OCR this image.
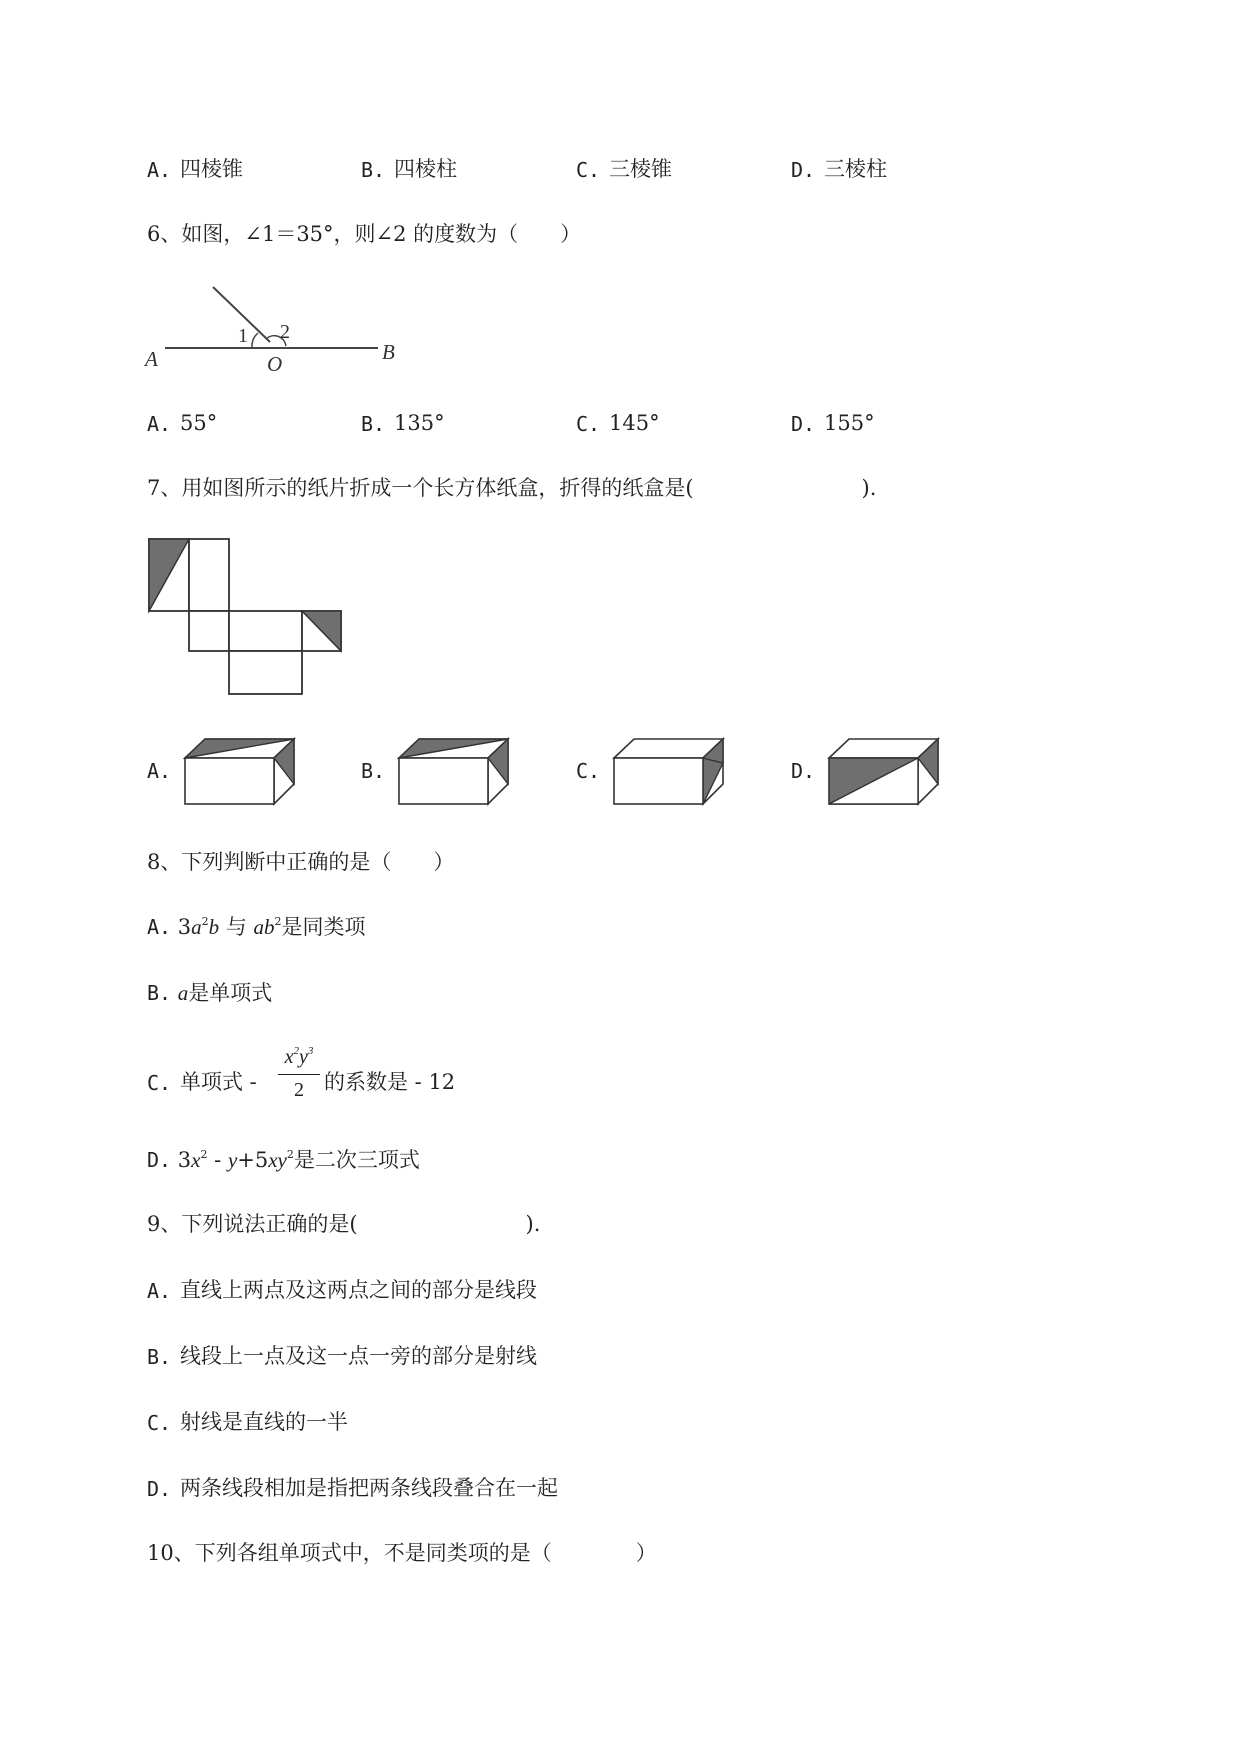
A. 四棱锥	B. 四棱柱	C. 三棱锥	D. 三棱柱
6、如图，∠1＝35°，则∠2 的度数为（　　）
A	B
O
1 2
A. 55°	B. 135°	C. 145°	D. 155°
7、用如图所示的纸片折成一个长方体纸盒，折得的纸盒是(　　　　　　　　).
A.	B.	C.	D.
8、下列判断中正确的是（　　）
A. $3a^2b$ 与 $ab^2$是同类项
B. a是单项式
C. 单项式 -
$x^2y^3$
2 的系数是 - 12
D. $3x^2 - y+5xy^2$是二次三项式
9、下列说法正确的是(　　　　　　　　).
A. 直线上两点及这两点之间的部分是线段
B. 线段上一点及这一点一旁的部分是射线
C. 射线是直线的一半
D. 两条线段相加是指把两条线段叠合在一起
10、下列各组单项式中，不是同类项的是（　　　　）
